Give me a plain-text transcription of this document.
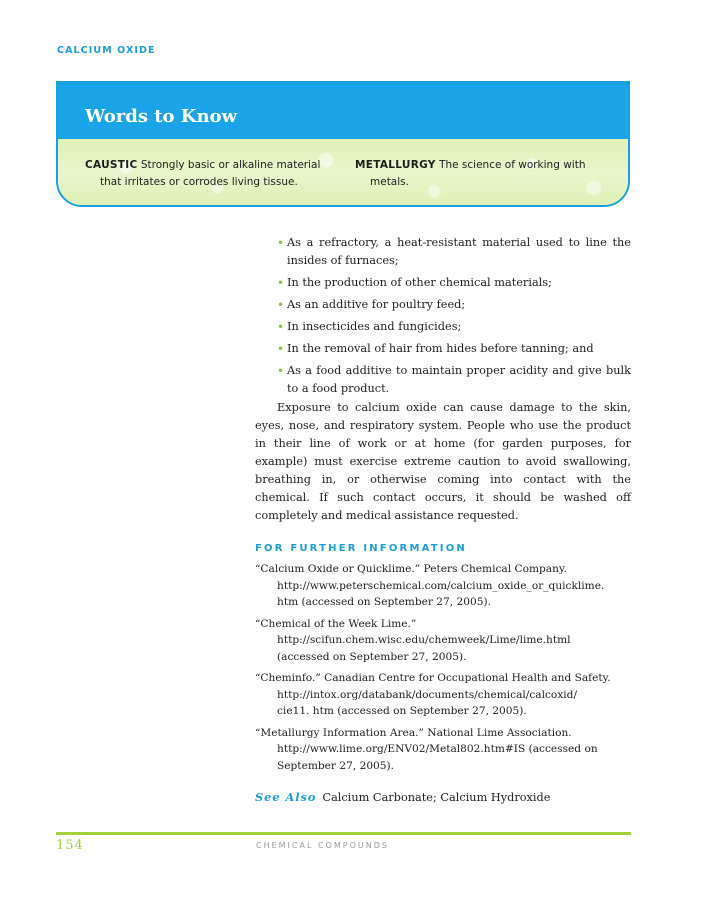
CALCIUM OXIDE
Words to Know
CAUSTIC Strongly basic or alkaline material
that irritates or corrodes living tissue.
METALLURGY The science of working with
metals.
• As a refractory, a heat-resistant material used to line the insides of furnaces;
• In the production of other chemical materials;
• As an additive for poultry feed;
• In insecticides and fungicides;
• In the removal of hair from hides before tanning; and
• As a food additive to maintain proper acidity and give bulk to a food product.

Exposure to calcium oxide can cause damage to the skin, eyes, nose, and respiratory system. People who use the product in their line of work or at home (for garden purposes, for example) must exercise extreme caution to avoid swallowing, breathing in, or otherwise coming into contact with the chemical. If such contact occurs, it should be washed off completely and medical assistance requested.

FOR FURTHER INFORMATION
“Calcium Oxide or Quicklime.” Peters Chemical Company.
http://www.peterschemical.com/calcium_oxide_or_quicklime.
htm (accessed on September 27, 2005).
“Chemical of the Week Lime.”
http://scifun.chem.wisc.edu/chemweek/Lime/lime.html
(accessed on September 27, 2005).
“Cheminfo.” Canadian Centre for Occupational Health and Safety.
http://intox.org/databank/documents/chemical/calcoxid/
cie11. htm (accessed on September 27, 2005).
“Metallurgy Information Area.” National Lime Association.
http://www.lime.org/ENV02/Metal802.htm#IS (accessed on
September 27, 2005).
See Also Calcium Carbonate; Calcium Hydroxide
154	CHEMICAL COMPOUNDS
